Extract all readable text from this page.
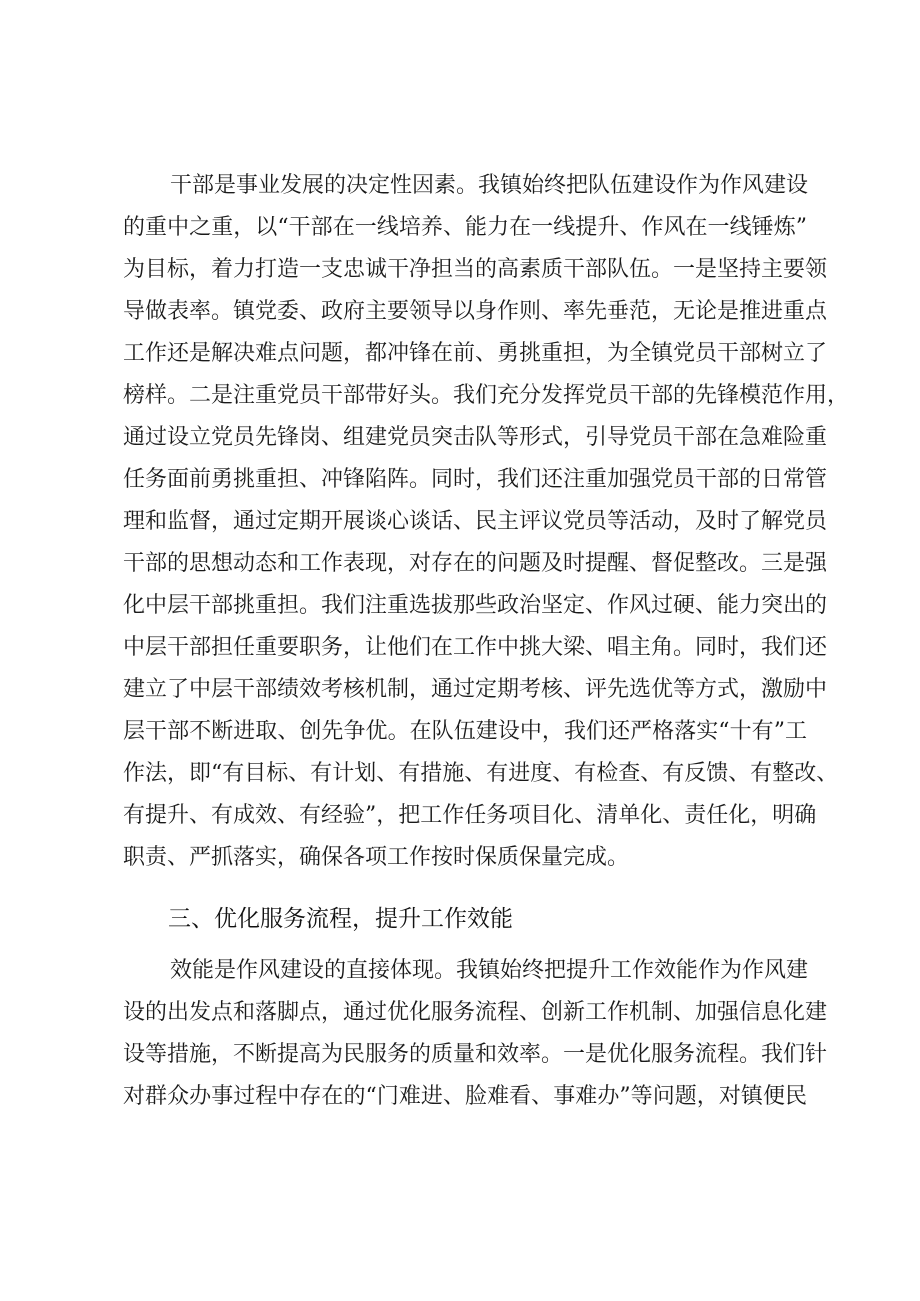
干部是事业发展的决定性因素。我镇始终把队伍建设作为作风建设
的重中之重，以“干部在一线培养、能力在一线提升、作风在一线锤炼”
为目标，着力打造一支忠诚干净担当的高素质干部队伍。一是坚持主要领
导做表率。镇党委、政府主要领导以身作则、率先垂范，无论是推进重点
工作还是解决难点问题，都冲锋在前、勇挑重担，为全镇党员干部树立了
榜样。二是注重党员干部带好头。我们充分发挥党员干部的先锋模范作用，
通过设立党员先锋岗、组建党员突击队等形式，引导党员干部在急难险重
任务面前勇挑重担、冲锋陷阵。同时，我们还注重加强党员干部的日常管
理和监督，通过定期开展谈心谈话、民主评议党员等活动，及时了解党员
干部的思想动态和工作表现，对存在的问题及时提醒、督促整改。三是强
化中层干部挑重担。我们注重选拔那些政治坚定、作风过硬、能力突出的
中层干部担任重要职务，让他们在工作中挑大梁、唱主角。同时，我们还
建立了中层干部绩效考核机制，通过定期考核、评先选优等方式，激励中
层干部不断进取、创先争优。在队伍建设中，我们还严格落实“十有”工
作法，即“有目标、有计划、有措施、有进度、有检查、有反馈、有整改、
有提升、有成效、有经验”，把工作任务项目化、清单化、责任化，明确
职责、严抓落实，确保各项工作按时保质保量完成。
三、优化服务流程，提升工作效能
效能是作风建设的直接体现。我镇始终把提升工作效能作为作风建
设的出发点和落脚点，通过优化服务流程、创新工作机制、加强信息化建
设等措施，不断提高为民服务的质量和效率。一是优化服务流程。我们针
对群众办事过程中存在的“门难进、脸难看、事难办”等问题，对镇便民
